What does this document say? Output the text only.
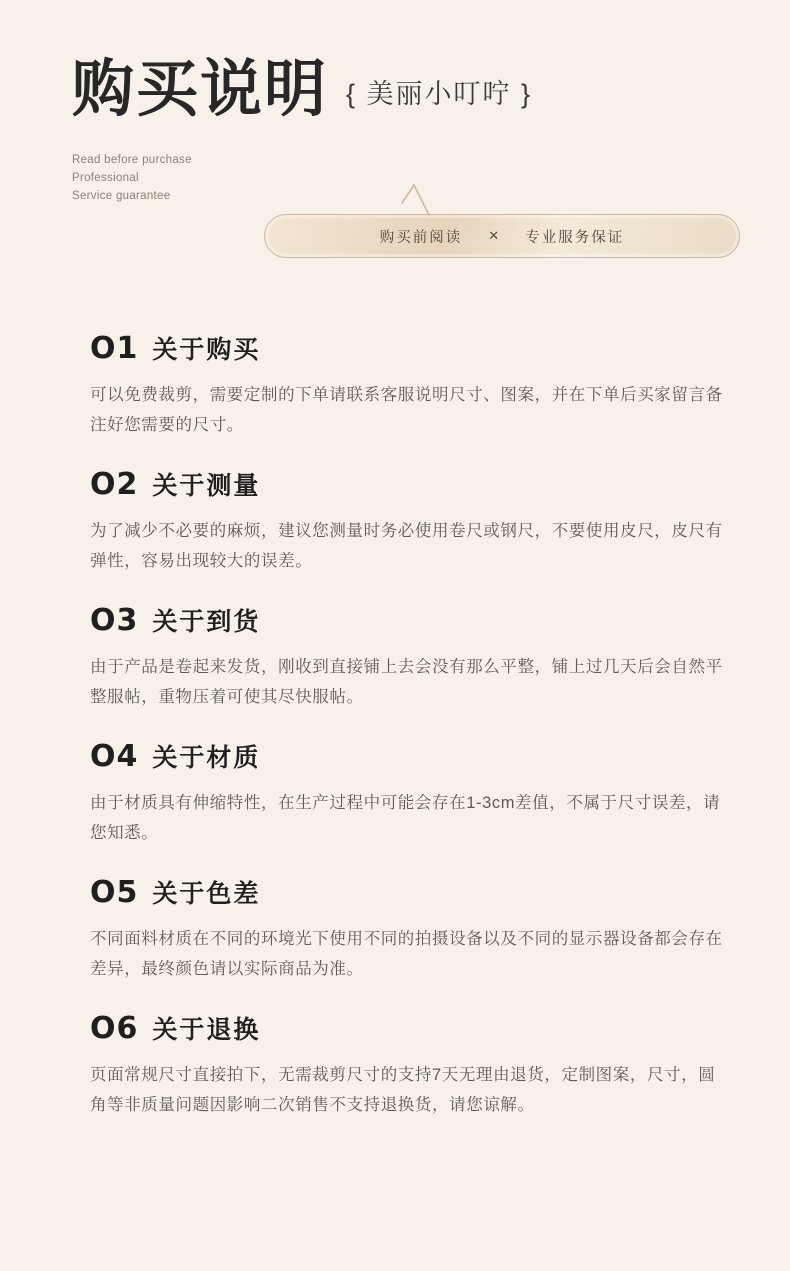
购买说明 { 美丽小叮咛 }
Read before purchase
Professional
Service guarantee
购买前阅读 ✕ 专业服务保证
O1 关于购买
可以免费裁剪，需要定制的下单请联系客服说明尺寸、图案，并在下单后买家留言备注好您需要的尺寸。
O2 关于测量
为了减少不必要的麻烦，建议您测量时务必使用卷尺或钢尺，不要使用皮尺，皮尺有弹性，容易出现较大的误差。
O3 关于到货
由于产品是卷起来发货，刚收到直接铺上去会没有那么平整，铺上过几天后会自然平整服帖，重物压着可使其尽快服帖。
O4 关于材质
由于材质具有伸缩特性，在生产过程中可能会存在1-3cm差值，不属于尺寸误差，请您知悉。
O5 关于色差
不同面料材质在不同的环境光下使用不同的拍摄设备以及不同的显示器设备都会存在差异，最终颜色请以实际商品为准。
O6 关于退换
页面常规尺寸直接拍下，无需裁剪尺寸的支持7天无理由退货，定制图案，尺寸，圆角等非质量问题因影响二次销售不支持退换货，请您谅解。
